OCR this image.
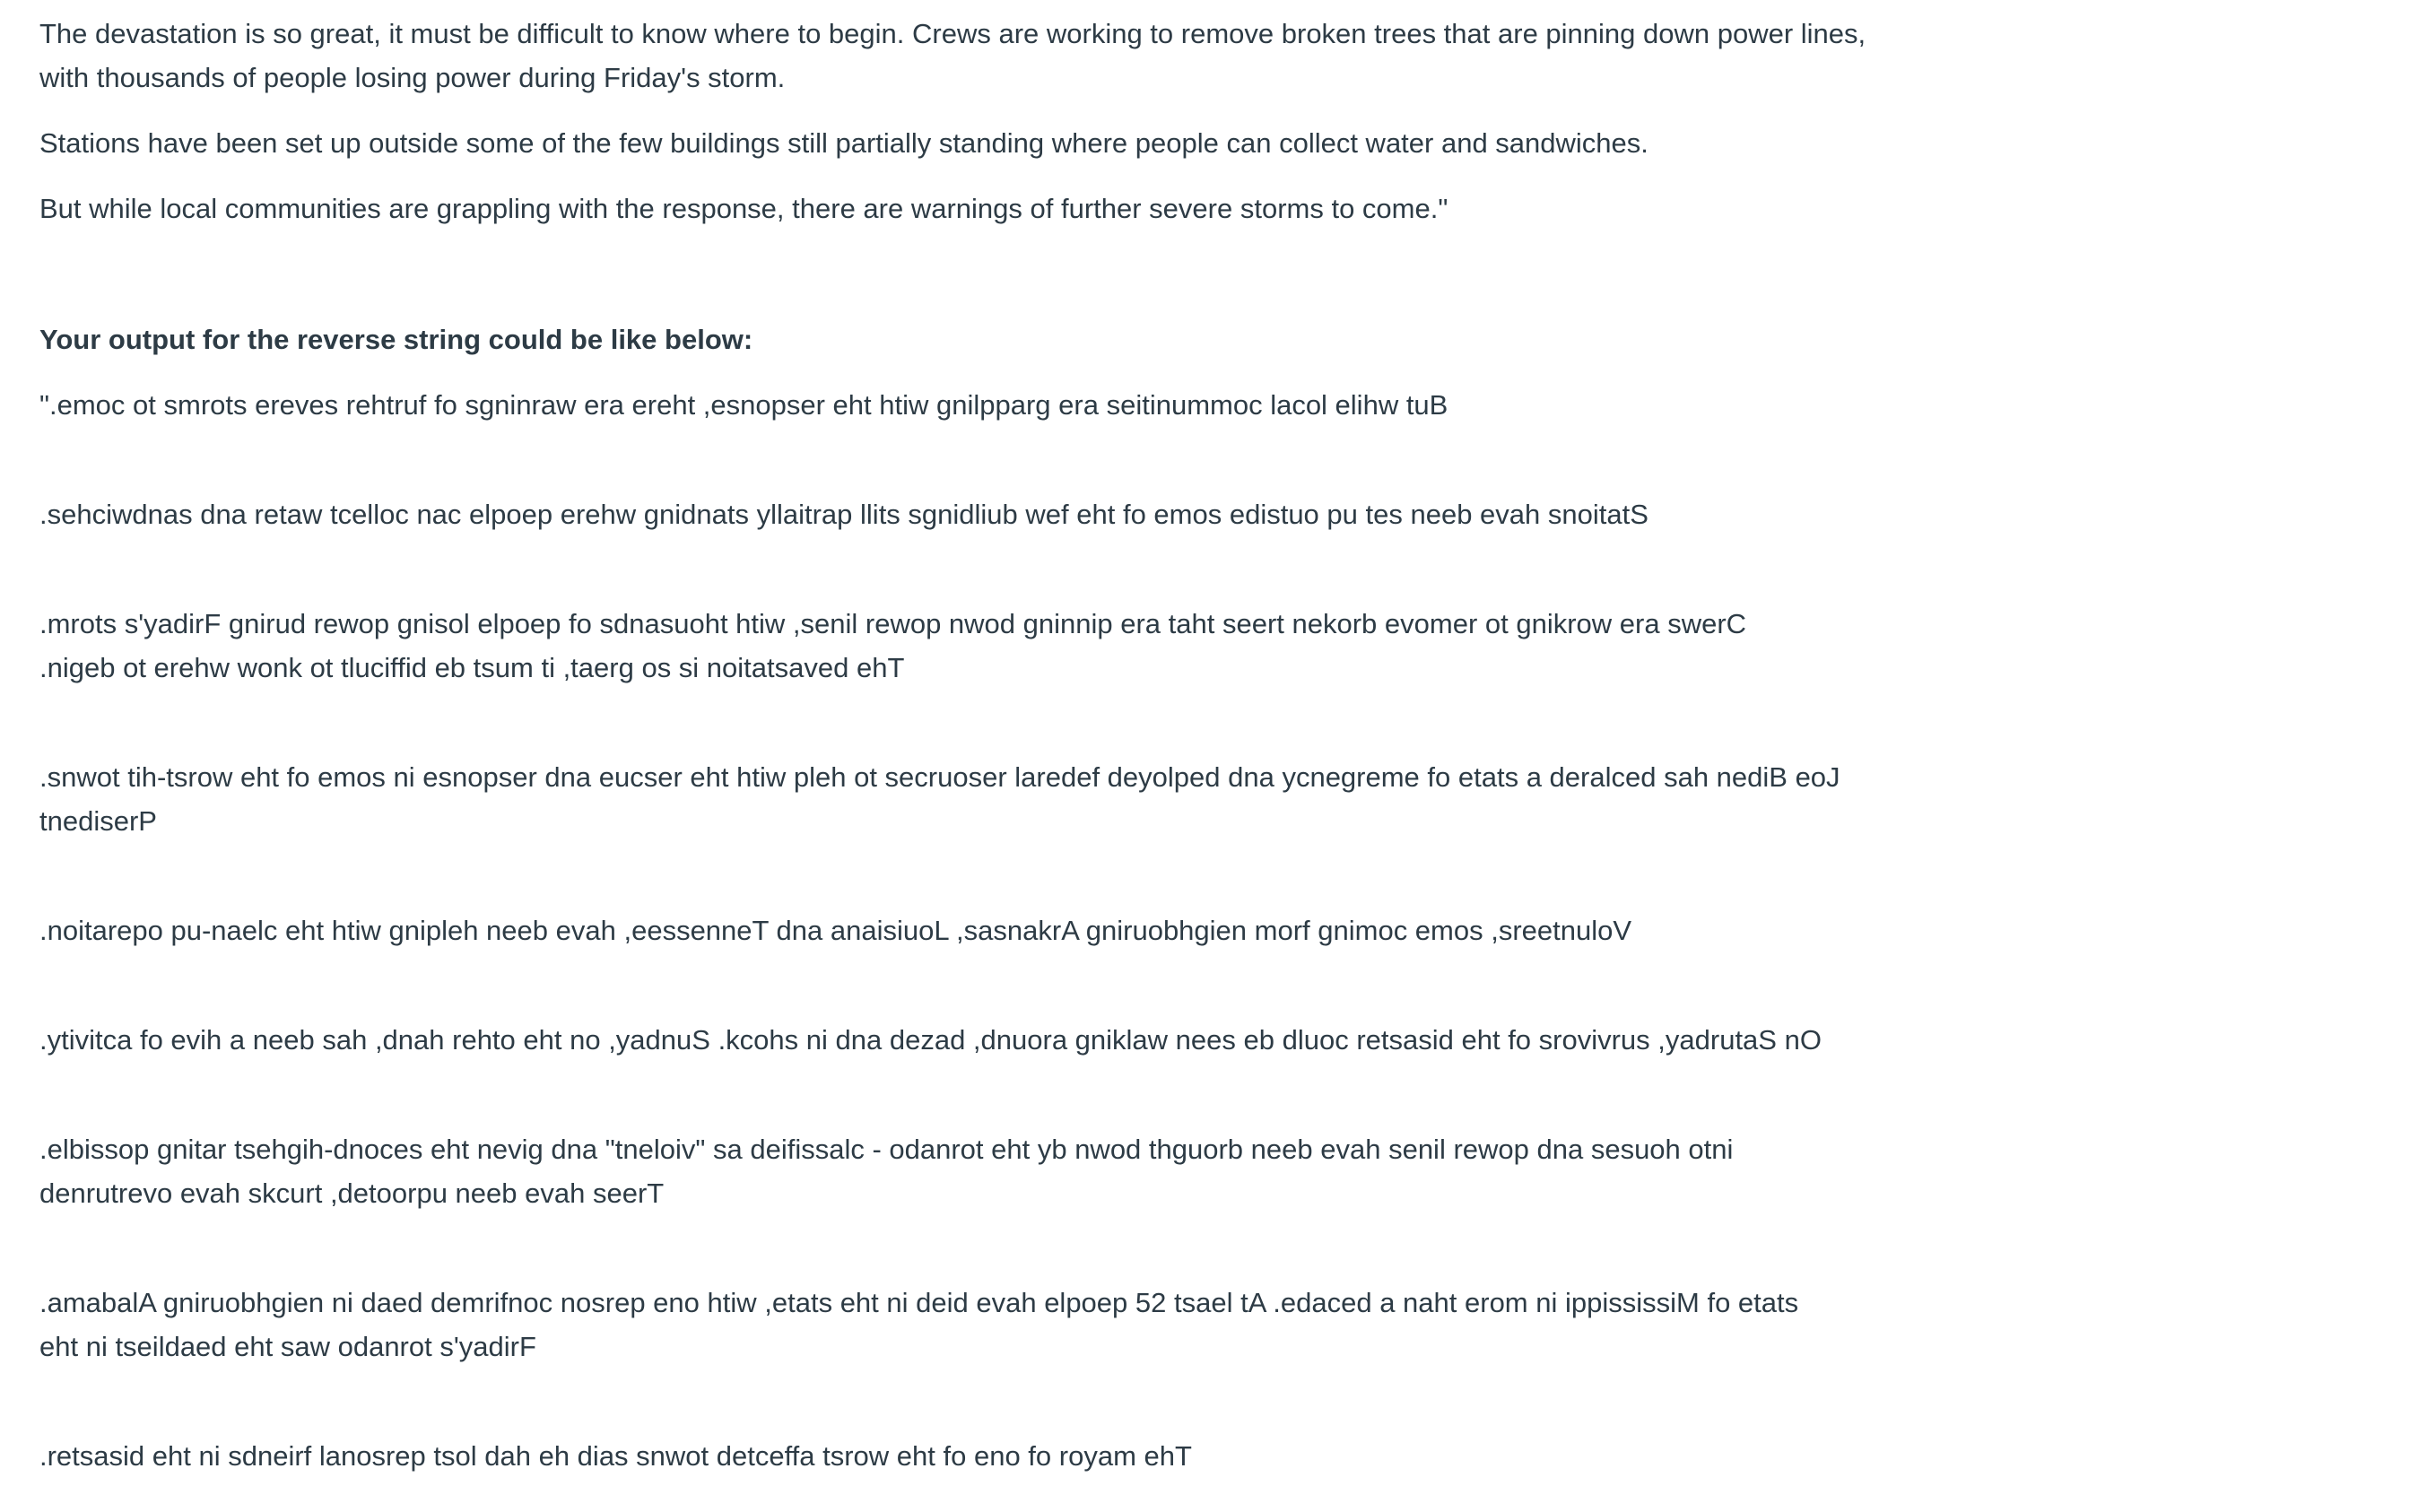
The devastation is so great, it must be difficult to know where to begin. Crews are working to remove broken trees that are pinning down power lines, with thousands of people losing power during Friday's storm.

Stations have been set up outside some of the few buildings still partially standing where people can collect water and sandwiches.

But while local communities are grappling with the response, there are warnings of further severe storms to come."

Your output for the reverse string could be like below:

".emoc ot smrots ereves rehtruf fo sgninraw era ereht ,esnopser eht htiw gnilpparg era seitinummoc lacol elihw tuB

.sehciwdnas dna retaw tcelloc nac elpoep erehw gnidnats yllaitrap llits sgnidliub wef eht fo emos edistuo pu tes neeb evah snoitatS

.mrots s'yadirF gnirud rewop gnisol elpoep fo sdnasuoht htiw ,senil rewop nwod gninnip era taht seert nekorb evomer ot gnikrow era swerC
.nigeb ot erehw wonk ot tluciffid eb tsum ti ,taerg os si noitatsaved ehT

.snwot tih-tsrow eht fo emos ni esnopser dna eucser eht htiw pleh ot secruoser laredef deyolped dna ycnegreme fo etats a deralced sah nediB eoJ
tnediserP

.noitarepo pu-naelc eht htiw gnipleh neeb evah ,eessenneT dna anaisiuoL ,sasnakrA gniruobhgien morf gnimoc emos ,sreetnuloV

.ytivitca fo evih a neeb sah ,dnah rehto eht no ,yadnuS .kcohs ni dna dezad ,dnuora gniklaw nees eb dluoc retsasid eht fo srovivrus ,yadrutaS nO

.elbissop gnitar tsehgih-dnoces eht nevig dna "tneloiv" sa deifissalc - odanrot eht yb nwod thguorb neeb evah senil rewop dna sesuoh otni
denrutrevo evah skcurt ,detoorpu neeb evah seerT

.amabalA gniruobhgien ni daed demrifnoc nosrep eno htiw ,etats eht ni deid evah elpoep 52 tsael tA .edaced a naht erom ni ippississiM fo etats
eht ni tseildaed eht saw odanrot s'yadirF

.retsasid eht ni sdneirf lanosrep tsol dah eh dias snwot detceffa tsrow eht fo eno fo royam ehT
